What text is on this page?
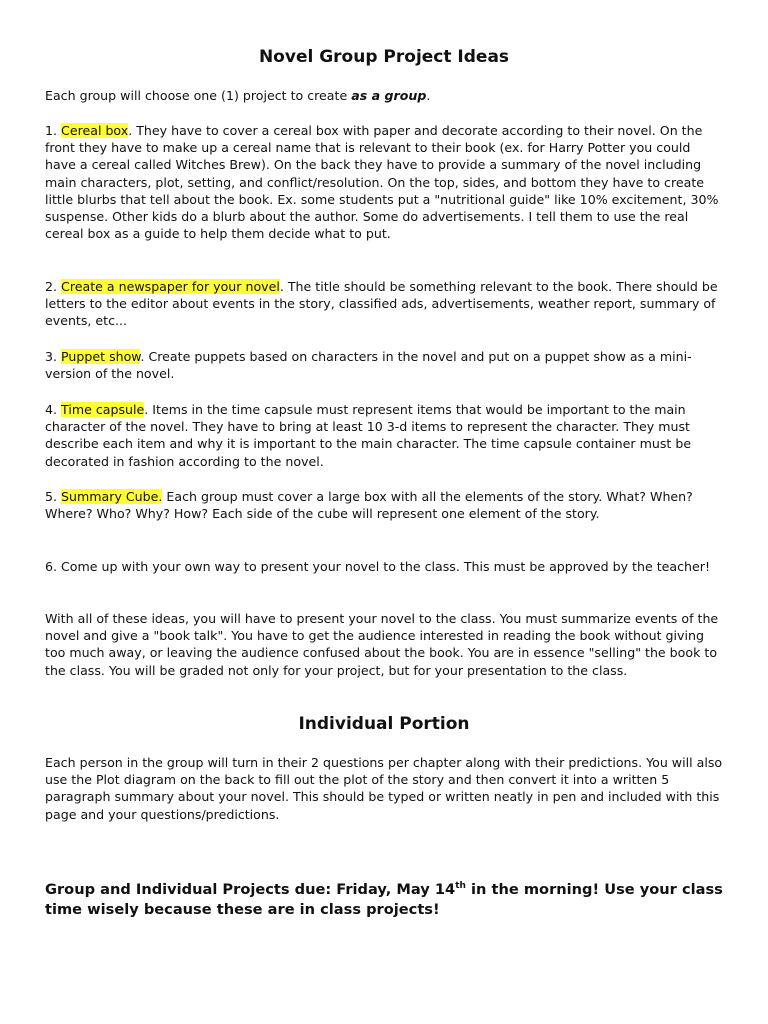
Novel Group Project Ideas
Each group will choose one (1) project to create as a group.
1. Cereal box. They have to cover a cereal box with paper and decorate according to their novel. On the front they have to make up a cereal name that is relevant to their book (ex. for Harry Potter you could have a cereal called Witches Brew). On the back they have to provide a summary of the novel including main characters, plot, setting, and conflict/resolution. On the top, sides, and bottom they have to create little blurbs that tell about the book. Ex. some students put a "nutritional guide" like 10% excitement, 30% suspense. Other kids do a blurb about the author. Some do advertisements. I tell them to use the real cereal box as a guide to help them decide what to put.
2. Create a newspaper for your novel. The title should be something relevant to the book. There should be letters to the editor about events in the story, classified ads, advertisements, weather report, summary of events, etc...
3. Puppet show. Create puppets based on characters in the novel and put on a puppet show as a mini-version of the novel.
4. Time capsule. Items in the time capsule must represent items that would be important to the main character of the novel. They have to bring at least 10 3-d items to represent the character. They must describe each item and why it is important to the main character. The time capsule container must be decorated in fashion according to the novel.
5. Summary Cube. Each group must cover a large box with all the elements of the story. What? When? Where? Who? Why? How? Each side of the cube will represent one element of the story.
6. Come up with your own way to present your novel to the class. This must be approved by the teacher!
With all of these ideas, you will have to present your novel to the class. You must summarize events of the novel and give a "book talk". You have to get the audience interested in reading the book without giving too much away, or leaving the audience confused about the book. You are in essence "selling" the book to the class. You will be graded not only for your project, but for your presentation to the class.
Individual Portion
Each person in the group will turn in their 2 questions per chapter along with their predictions. You will also use the Plot diagram on the back to fill out the plot of the story and then convert it into a written 5 paragraph summary about your novel. This should be typed or written neatly in pen and included with this page and your questions/predictions.
Group and Individual Projects due: Friday, May 14th in the morning! Use your class time wisely because these are in class projects!
